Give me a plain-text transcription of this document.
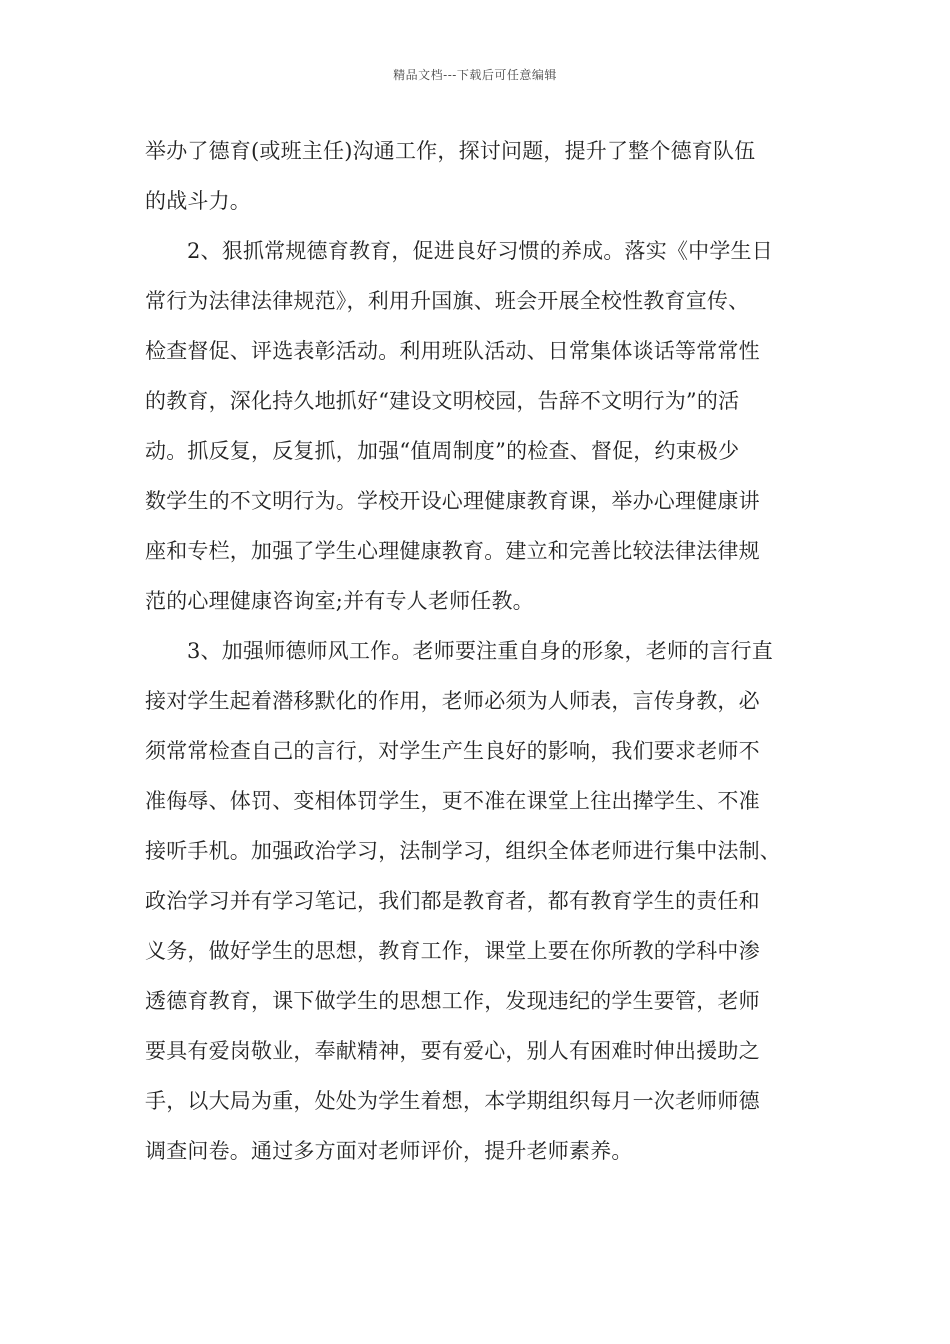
精品文档---下载后可任意编辑
举办了德育(或班主任)沟通工作，探讨问题，提升了整个德育队伍
的战斗力。
2、狠抓常规德育教育，促进良好习惯的养成。落实《中学生日
常行为法律法律规范》，利用升国旗、班会开展全校性教育宣传、
检查督促、评选表彰活动。利用班队活动、日常集体谈话等常常性
的教育，深化持久地抓好“建设文明校园，告辞不文明行为”的活
动。抓反复，反复抓，加强“值周制度”的检查、督促，约束极少
数学生的不文明行为。学校开设心理健康教育课，举办心理健康讲
座和专栏，加强了学生心理健康教育。建立和完善比较法律法律规
范的心理健康咨询室;并有专人老师任教。
3、加强师德师风工作。老师要注重自身的形象，老师的言行直
接对学生起着潜移默化的作用，老师必须为人师表，言传身教，必
须常常检查自己的言行，对学生产生良好的影响，我们要求老师不
准侮辱、体罚、变相体罚学生，更不准在课堂上往出撵学生、不准
接听手机。加强政治学习，法制学习，组织全体老师进行集中法制、
政治学习并有学习笔记，我们都是教育者，都有教育学生的责任和
义务，做好学生的思想，教育工作，课堂上要在你所教的学科中渗
透德育教育，课下做学生的思想工作，发现违纪的学生要管，老师
要具有爱岗敬业，奉献精神，要有爱心，别人有困难时伸出援助之
手，以大局为重，处处为学生着想，本学期组织每月一次老师师德
调查问卷。通过多方面对老师评价，提升老师素养。
